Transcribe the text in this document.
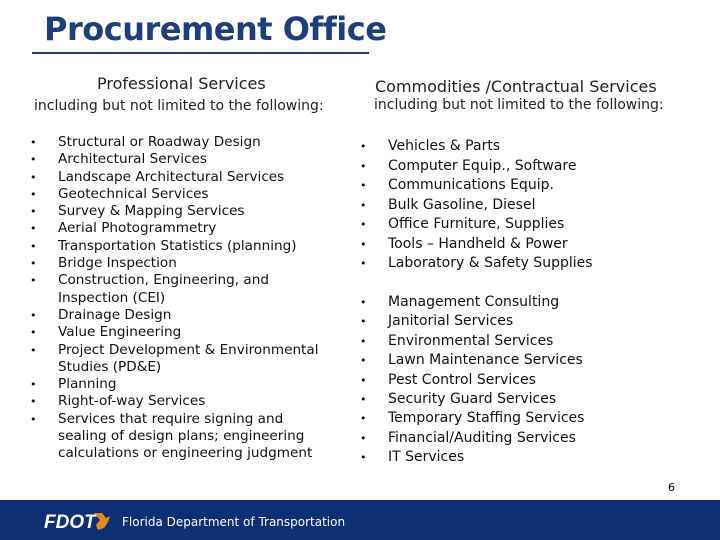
Procurement Office
Professional Services
including but not limited to the following:
Commodities /Contractual Services
including but not limited to the following:
• Structural or Roadway Design
• Architectural Services
• Landscape Architectural Services
• Geotechnical Services
• Survey & Mapping Services
• Aerial Photogrammetry
• Transportation Statistics (planning)
• Bridge Inspection
• Construction, Engineering, and Inspection (CEI)
• Drainage Design
• Value Engineering
• Project Development & Environmental Studies (PD&E)
• Planning
• Right-of-way Services
• Services that require signing and sealing of design plans; engineering calculations or engineering judgment
• Vehicles & Parts
• Computer Equip., Software
• Communications Equip.
• Bulk Gasoline, Diesel
• Office Furniture, Supplies
• Tools – Handheld & Power
• Laboratory & Safety Supplies
• Management Consulting
• Janitorial Services
• Environmental Services
• Lawn Maintenance Services
• Pest Control Services
• Security Guard Services
• Temporary Staffing Services
• Financial/Auditing Services
• IT Services
FDOT Florida Department of Transportation
6
